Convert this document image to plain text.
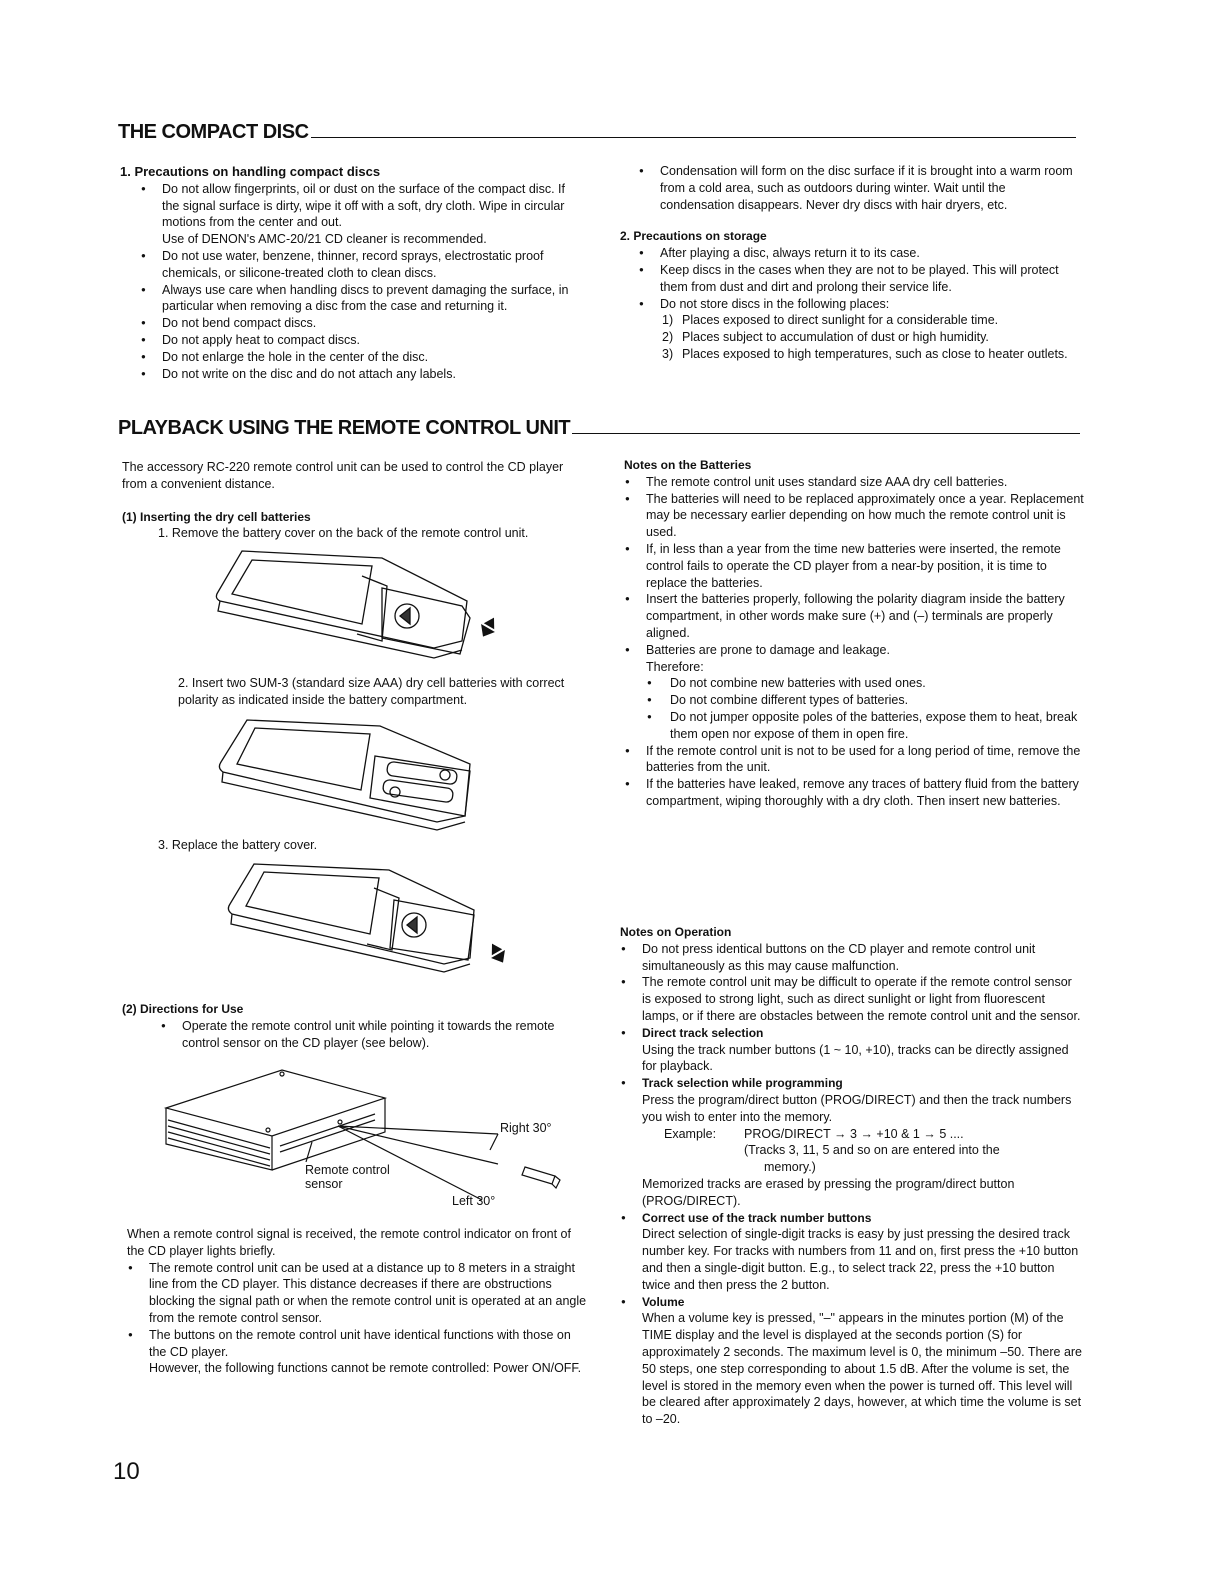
THE COMPACT DISC

1. Precautions on handling compact discs

● Do not allow fingerprints, oil or dust on the surface of the compact disc. If the signal surface is dirty, wipe it off with a soft, dry cloth. Wipe in circular motions from the center and out.
Use of DENON's AMC-20/21 CD cleaner is recommended.
● Do not use water, benzene, thinner, record sprays, electrostatic proof chemicals, or silicone-treated cloth to clean discs.
● Always use care when handling discs to prevent damaging the surface, in particular when removing a disc from the case and returning it.
● Do not bend compact discs.
● Do not apply heat to compact discs.
● Do not enlarge the hole in the center of the disc.
● Do not write on the disc and do not attach any labels.
● Condensation will form on the disc surface if it is brought into a warm room from a cold area, such as outdoors during winter. Wait until the condensation disappears. Never dry discs with hair dryers, etc.

2. Precautions on storage

● After playing a disc, always return it to its case.
● Keep discs in the cases when they are not to be played. This will protect them from dust and dirt and prolong their service life.
● Do not store discs in the following places:
1) Places exposed to direct sunlight for a considerable time.
2) Places subject to accumulation of dust or high humidity.
3) Places exposed to high temperatures, such as close to heater outlets.
PLAYBACK USING THE REMOTE CONTROL UNIT

The accessory RC-220 remote control unit can be used to control the CD player from a convenient distance.

(1) Inserting the dry cell batteries

1. Remove the battery cover on the back of the remote control unit.

2. Insert two SUM-3 (standard size AAA) dry cell batteries with correct polarity as indicated inside the battery compartment.

3. Replace the battery cover.

(2) Directions for Use

● Operate the remote control unit while pointing it towards the remote control sensor on the CD player (see below).
Right 30°
Left 30°
Remote control
sensor

When a remote control signal is received, the remote control indicator on front of the CD player lights briefly.

● The remote control unit can be used at a distance up to 8 meters in a straight line from the CD player. This distance decreases if there are obstructions blocking the signal path or when the remote control unit is operated at an angle from the remote control sensor.
● The buttons on the remote control unit have identical functions with those on the CD player.
However, the following functions cannot be remote controlled: Power ON/OFF.

Notes on the Batteries

● The remote control unit uses standard size AAA dry cell batteries.
● The batteries will need to be replaced approximately once a year. Replacement may be necessary earlier depending on how much the remote control unit is used.
● If, in less than a year from the time new batteries were inserted, the remote control fails to operate the CD player from a near-by position, it is time to replace the batteries.
● Insert the batteries properly, following the polarity diagram inside the battery compartment, in other words make sure (+) and (–) terminals are properly aligned.
● Batteries are prone to damage and leakage.
Therefore:
● Do not combine new batteries with used ones.
● Do not combine different types of batteries.
● Do not jumper opposite poles of the batteries, expose them to heat, break them open nor expose of them in open fire.
● If the remote control unit is not to be used for a long period of time, remove the batteries from the unit.
● If the batteries have leaked, remove any traces of battery fluid from the battery compartment, wiping thoroughly with a dry cloth. Then insert new batteries.

Notes on Operation

● Do not press identical buttons on the CD player and remote control unit simultaneously as this may cause malfunction.
● The remote control unit may be difficult to operate if the remote control sensor is exposed to strong light, such as direct sunlight or light from fluorescent lamps, or if there are obstacles between the remote control unit and the sensor.
● Direct track selection
Using the track number buttons (1 ~ 10, +10), tracks can be directly assigned for playback.
● Track selection while programming
Press the program/direct button (PROG/DIRECT) and then the track numbers you wish to enter into the memory.
Example:	PROG/DIRECT → 3 → +10 & 1 → 5 ....
(Tracks 3, 11, 5 and so on are entered into the
memory.)
Memorized tracks are erased by pressing the program/direct button (PROG/DIRECT).
● Correct use of the track number buttons
Direct selection of single-digit tracks is easy by just pressing the desired track number key. For tracks with numbers from 11 and on, first press the +10 button and then a single-digit button. E.g., to select track 22, press the +10 button twice and then press the 2 button.
● Volume
When a volume key is pressed, "–" appears in the minutes portion (M) of the TIME display and the level is displayed at the seconds portion (S) for approximately 2 seconds. The maximum level is 0, the minimum –50. There are 50 steps, one step corresponding to about 1.5 dB. After the volume is set, the level is stored in the memory even when the power is turned off. This level will be cleared after approximately 2 days, however, at which time the volume is set to –20.
10
